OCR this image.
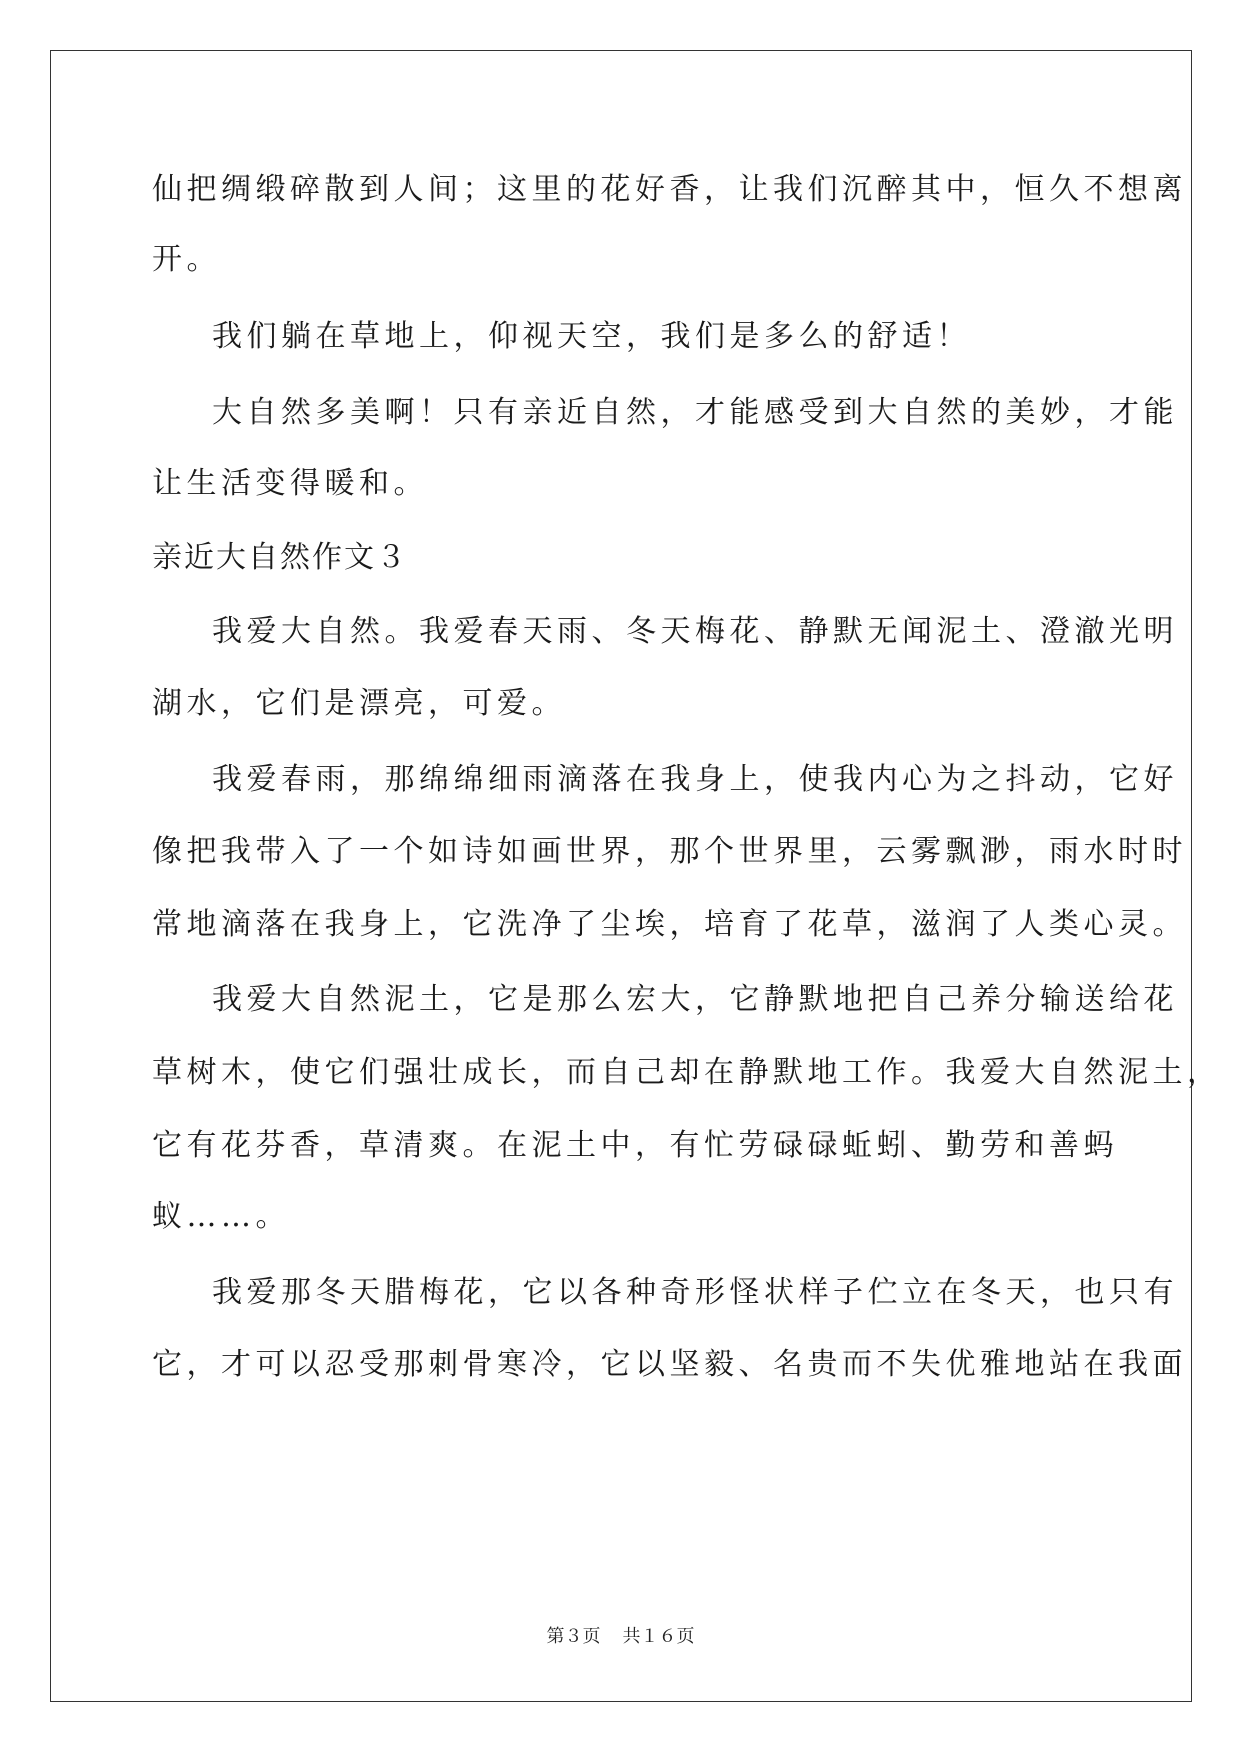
仙把绸缎碎散到人间；这里的花好香，让我们沉醉其中，恒久不想离
开。
我们躺在草地上，仰视天空，我们是多么的舒适！
大自然多美啊！只有亲近自然，才能感受到大自然的美妙，才能
让生活变得暖和。
亲近大自然作文３
我爱大自然。我爱春天雨、冬天梅花、静默无闻泥土、澄澈光明
湖水，它们是漂亮，可爱。
我爱春雨，那绵绵细雨滴落在我身上，使我内心为之抖动，它好
像把我带入了一个如诗如画世界，那个世界里，云雾飘渺，雨水时时
常地滴落在我身上，它洗净了尘埃，培育了花草，滋润了人类心灵。
我爱大自然泥土，它是那么宏大，它静默地把自己养分输送给花
草树木，使它们强壮成长，而自己却在静默地工作。我爱大自然泥土，
它有花芬香，草清爽。在泥土中，有忙劳碌碌蚯蚓、勤劳和善蚂
蚁……。
我爱那冬天腊梅花，它以各种奇形怪状样子伫立在冬天，也只有
它，才可以忍受那刺骨寒冷，它以坚毅、名贵而不失优雅地站在我面
第３页 共１６页
